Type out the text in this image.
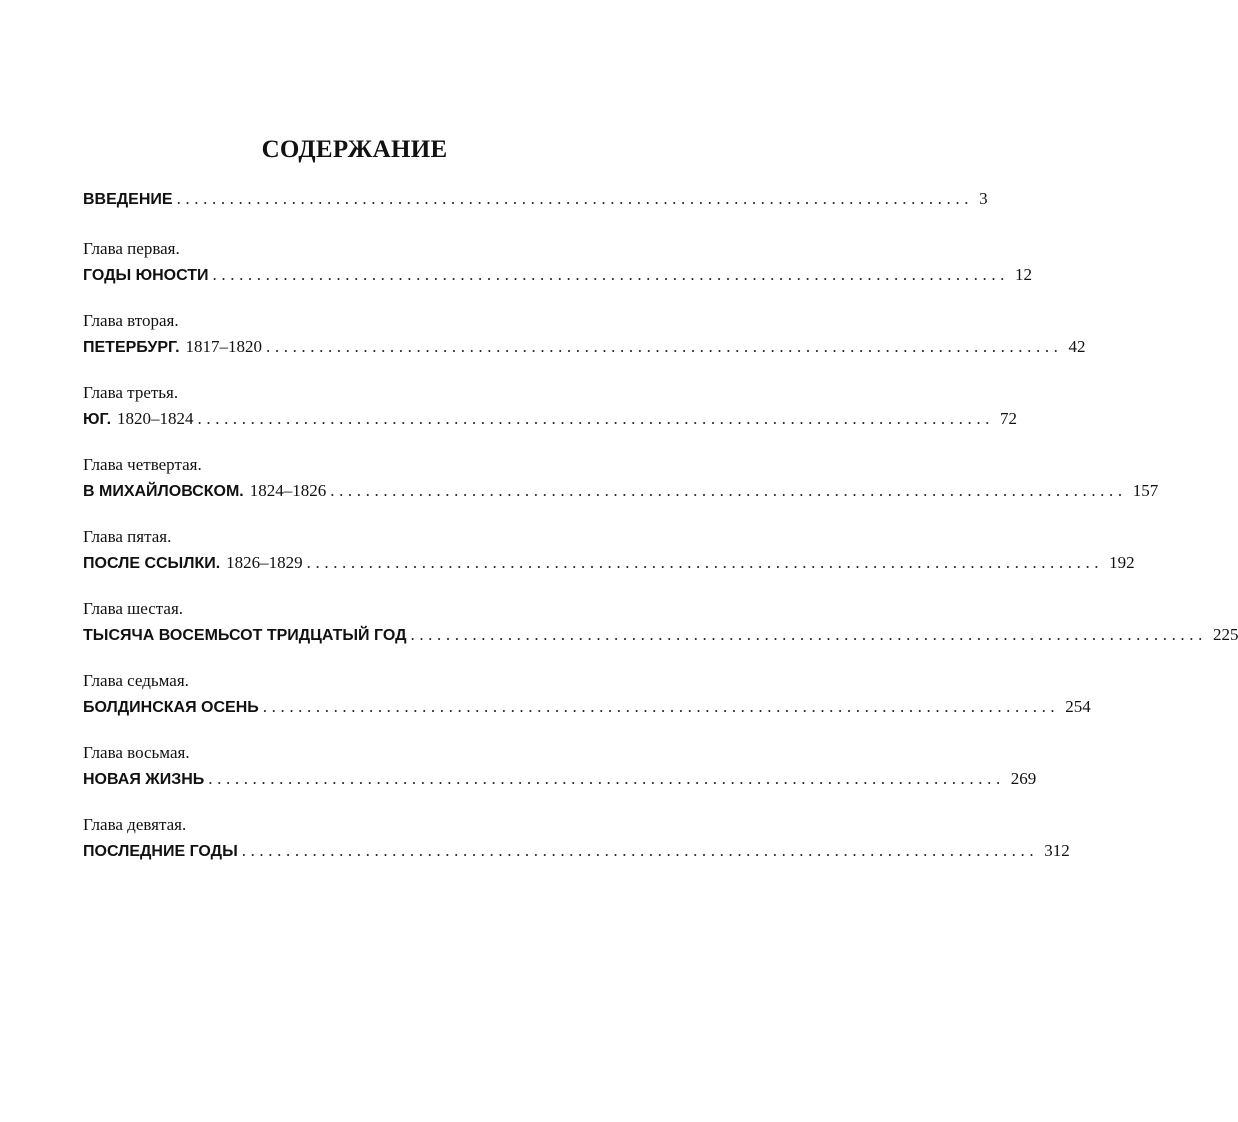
СОДЕРЖАНИЕ
ВВЕДЕНИЕ .......................................................................................... 3
Глава первая.
ГОДЫ ЮНОСТИ .......................................................................................... 12
Глава вторая.
ПЕТЕРБУРГ. 1817–1820 .......................................................................................... 42
Глава третья.
ЮГ. 1820–1824 .......................................................................................... 72
Глава четвертая.
В МИХАЙЛОВСКОМ. 1824–1826 .......................................................................................... 157
Глава пятая.
ПОСЛЕ ССЫЛКИ. 1826–1829 .......................................................................................... 192
Глава шестая.
ТЫСЯЧА ВОСЕМЬСОТ ТРИДЦАТЫЙ ГОД .......................................................................................... 225
Глава седьмая.
БОЛДИНСКАЯ ОСЕНЬ .......................................................................................... 254
Глава восьмая.
НОВАЯ ЖИЗНЬ .......................................................................................... 269
Глава девятая.
ПОСЛЕДНИЕ ГОДЫ .......................................................................................... 312
